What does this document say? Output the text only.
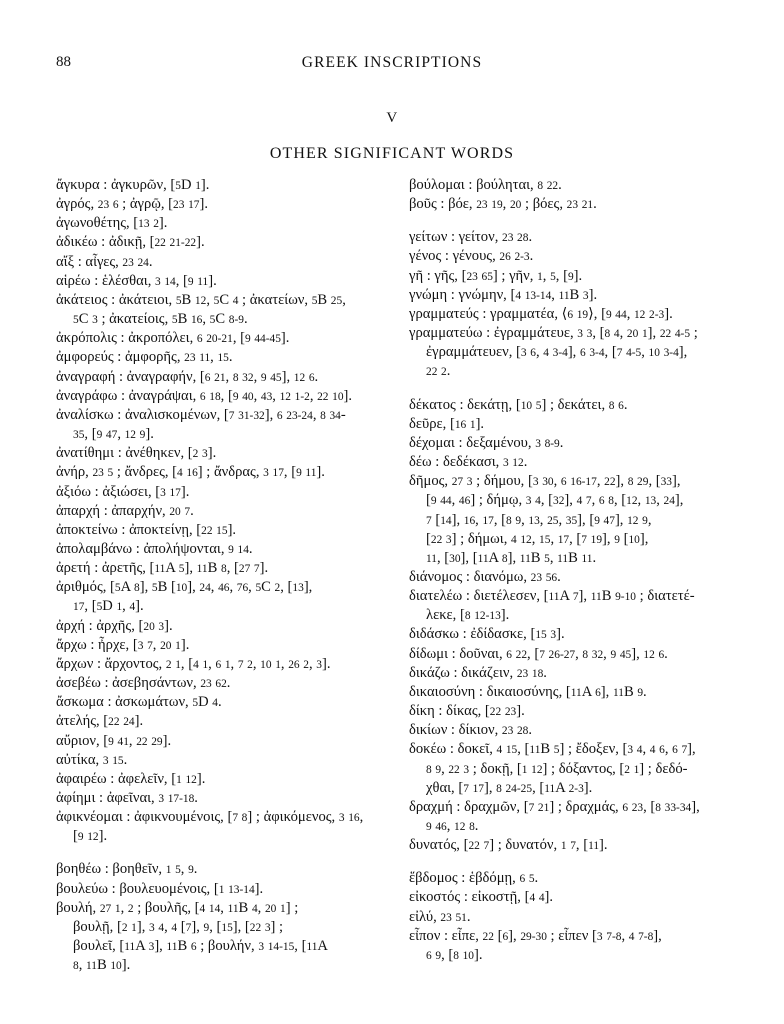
88	GREEK INSCRIPTIONS
V
OTHER SIGNIFICANT WORDS
ἄγκυρα : ἀγκυρῶν, [5D 1].
ἀγρός, 23 6 ; ἀγρῷ, [23 17].
ἀγωνοθέτης, [13 2].
ἀδικέω : ἀδικῇ, [22 21-22].
αἴξ : αἶγες, 23 24.
αἱρέω : ἑλέσθαι, 3 14, [9 11].
ἀκάτειος : ἀκάτειοι, 5B 12, 5C 4 ; ἀκατείων, 5B 25,
5C 3 ; ἀκατείοις, 5B 16, 5C 8-9.
ἀκρόπολις : ἀκροπόλει, 6 20-21, [9 44-45].
ἀμφορεύς : ἀμφορῆς, 23 11, 15.
ἀναγραφή : ἀναγραφήν, [6 21, 8 32, 9 45], 12 6.
ἀναγράφω : ἀναγράψαι, 6 18, [9 40, 43, 12 1-2, 22 10].
ἀναλίσκω : ἀναλισκομένων, [7 31-32], 6 23-24, 8 34-
35, [9 47, 12 9].
ἀνατίθημι : ἀνέθηκεν, [2 3].
ἀνήρ, 23 5 ; ἄνδρες, [4 16] ; ἄνδρας, 3 17, [9 11].
ἀξιόω : ἀξιώσει, [3 17].
ἀπαρχή : ἀπαρχήν, 20 7.
ἀποκτείνω : ἀποκτείνῃ, [22 15].
ἀπολαμβάνω : ἀπολήψονται, 9 14.
ἀρετή : ἀρετῆς, [11A 5], 11B 8, [27 7].
ἀριθμός, [5A 8], 5B [10], 24, 46, 76, 5C 2, [13],
17, [5D 1, 4].
ἀρχή : ἀρχῆς, [20 3].
ἄρχω : ἦρχε, [3 7, 20 1].
ἄρχων : ἄρχοντος, 2 1, [4 1, 6 1, 7 2, 10 1, 26 2, 3].
ἀσεβέω : ἀσεβησάντων, 23 62.
ἄσκωμα : ἀσκωμάτων, 5D 4.
ἀτελής, [22 24].
αὔριον, [9 41, 22 29].
αὐτίκα, 3 15.
ἀφαιρέω : ἀφελεῖν, [1 12].
ἀφίημι : ἀφεῖναι, 3 17-18.
ἀφικνέομαι : ἀφικνουμένοις, [7 8] ; ἀφικόμενος, 3 16,
[9 12].
βοηθέω : βοηθεῖν, 1 5, 9.
βουλεύω : βουλευομένοις, [1 13-14].
βουλή, 27 1, 2 ; βουλῆς, [4 14, 11B 4, 20 1] ;
βουλῇ, [2 1], 3 4, 4 [7], 9, [15], [22 3] ;
βουλεῖ, [11A 3], 11B 6 ; βουλήν, 3 14-15, [11A
8, 11B 10].
βούλομαι : βούληται, 8 22.
βοῦς : βόε, 23 19, 20 ; βόες, 23 21.
γείτων : γείτον, 23 28.
γένος : γένους, 26 2-3.
γῆ : γῆς, [23 65] ; γῆν, 1, 5, [9].
γνώμη : γνώμην, [4 13-14, 11B 3].
γραμματεύς : γραμματέα, ⟨6 19⟩, [9 44, 12 2-3].
γραμματεύω : ἐγραμμάτευε, 3 3, [8 4, 20 1], 22 4-5 ;
ἐγραμμάτευεν, [3 6, 4 3-4], 6 3-4, [7 4-5, 10 3-4],
22 2.
δέκατος : δεκάτῃ, [10 5] ; δεκάτει, 8 6.
δεῦρε, [16 1].
δέχομαι : δεξαμένου, 3 8-9.
δέω : δεδέκασι, 3 12.
δῆμος, 27 3 ; δήμου, [3 30, 6 16-17, 22], 8 29, [33],
[9 44, 46] ; δήμῳ, 3 4, [32], 4 7, 6 8, [12, 13, 24],
7 [14], 16, 17, [8 9, 13, 25, 35], [9 47], 12 9,
[22 3] ; δήμωι, 4 12, 15, 17, [7 19], 9 [10],
11, [30], [11A 8], 11B 5, 11B 11.
διάνομος : διανόμω, 23 56.
διατελέω : διετέλεσεν, [11A 7], 11B 9-10 ; διατετέ-
λεκε, [8 12-13].
διδάσκω : ἐδίδασκε, [15 3].
δίδωμι : δοῦναι, 6 22, [7 26-27, 8 32, 9 45], 12 6.
δικάζω : δικάζειν, 23 18.
δικαιοσύνη : δικαιοσύνης, [11A 6], 11B 9.
δίκη : δίκας, [22 23].
δικίων : δίκιον, 23 28.
δοκέω : δοκεῖ, 4 15, [11B 5] ; ἔδοξεν, [3 4, 4 6, 6 7],
8 9, 22 3 ; δοκῇ, [1 12] ; δόξαντος, [2 1] ; δεδό-
χθαι, [7 17], 8 24-25, [11A 2-3].
δραχμή : δραχμῶν, [7 21] ; δραχμάς, 6 23, [8 33-34],
9 46, 12 8.
δυνατός, [22 7] ; δυνατόν, 1 7, [11].
ἕβδομος : ἑβδόμῃ, 6 5.
εἰκοστός : εἰκοστῇ, [4 4].
εἰλύ, 23 51.
εἶπον : εἶπε, 22 [6], 29-30 ; εἶπεν [3 7-8, 4 7-8],
6 9, [8 10].
